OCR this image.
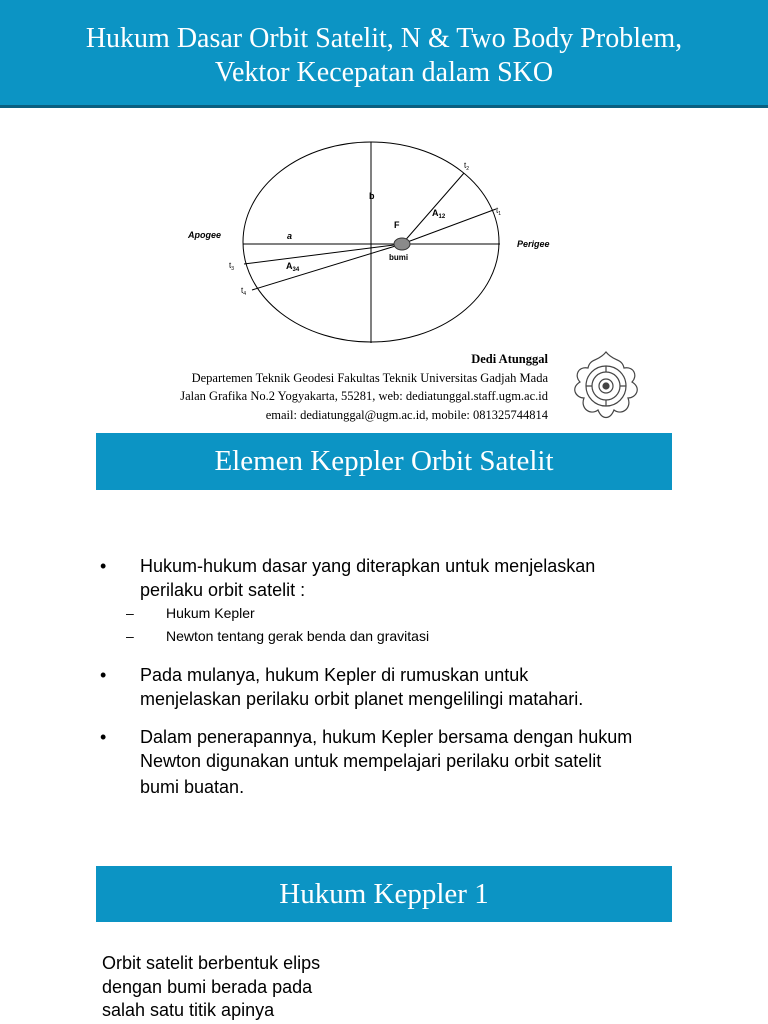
Hukum Dasar Orbit Satelit, N & Two Body Problem,
Vektor Kecepatan dalam SKO
Apogee
Perigee
a
b
F
bumi
$A_{12}$
$A_{34}$
$t_1$
$t_2$
$t_3$
$t_4$
Dedi Atunggal
Departemen Teknik Geodesi Fakultas Teknik Universitas Gadjah Mada
Jalan Grafika No.2 Yogyakarta, 55281, web: dediatunggal.staff.ugm.ac.id
email: dediatunggal@ugm.ac.id, mobile: 081325744814
Elemen Keppler Orbit Satelit
• Hukum-hukum dasar yang diterapkan untuk menjelaskan
perilaku orbit satelit :
– Hukum Kepler
– Newton tentang gerak benda dan gravitasi
• Pada mulanya, hukum Kepler di rumuskan untuk
menjelaskan perilaku orbit planet mengelilingi matahari.
• Dalam penerapannya, hukum Kepler bersama dengan hukum
Newton digunakan untuk mempelajari perilaku orbit satelit
bumi buatan.
Hukum Keppler 1
Orbit satelit berbentuk elips
dengan bumi berada pada
salah satu titik apinya
